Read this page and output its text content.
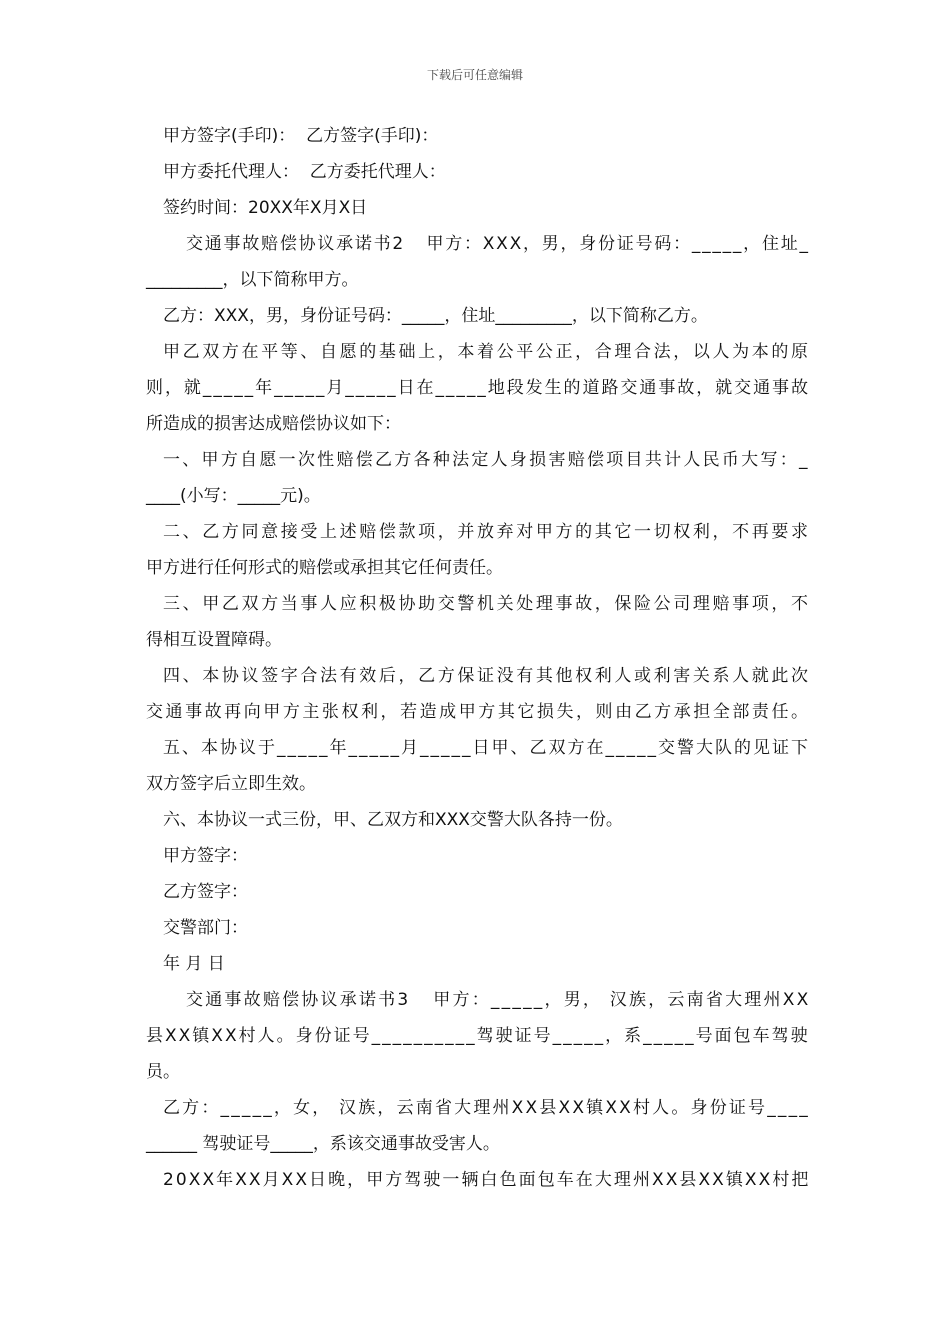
下载后可任意编辑
甲方签字(手印)：  乙方签字(手印)：
甲方委托代理人：  乙方委托代理人：
签约时间：20XX年X月X日
交通事故赔偿协议承诺书2   甲方：XXX，男，身份证号码：_____，住址_
_________，以下简称甲方。
乙方：XXX，男，身份证号码：_____，住址_________，以下简称乙方。
甲乙双方在平等、自愿的基础上，本着公平公正，合理合法，以人为本的原
则，就_____年_____月_____日在_____地段发生的道路交通事故，就交通事故
所造成的损害达成赔偿协议如下：
一、甲方自愿一次性赔偿乙方各种法定人身损害赔偿项目共计人民币大写：_
____(小写：_____元)。
二、乙方同意接受上述赔偿款项，并放弃对甲方的其它一切权利，不再要求
甲方进行任何形式的赔偿或承担其它任何责任。
三、甲乙双方当事人应积极协助交警机关处理事故，保险公司理赔事项，不
得相互设置障碍。
四、本协议签字合法有效后，乙方保证没有其他权利人或利害关系人就此次
交通事故再向甲方主张权利，若造成甲方其它损失，则由乙方承担全部责任。
五、本协议于_____年_____月_____日甲、乙双方在_____交警大队的见证下
双方签字后立即生效。
六、本协议一式三份，甲、乙双方和XXX交警大队各持一份。
甲方签字：
乙方签字：
交警部门：
年 月 日
交通事故赔偿协议承诺书3   甲方：_____，男， 汉族，云南省大理州XX
县XX镇XX村人。身份证号__________驾驶证号_____，系_____号面包车驾驶
员。
乙方：_____，女， 汉族，云南省大理州XX县XX镇XX村人。身份证号____
______ 驾驶证号_____，系该交通事故受害人。
20XX年XX月XX日晚，甲方驾驶一辆白色面包车在大理州XX县XX镇XX村把
